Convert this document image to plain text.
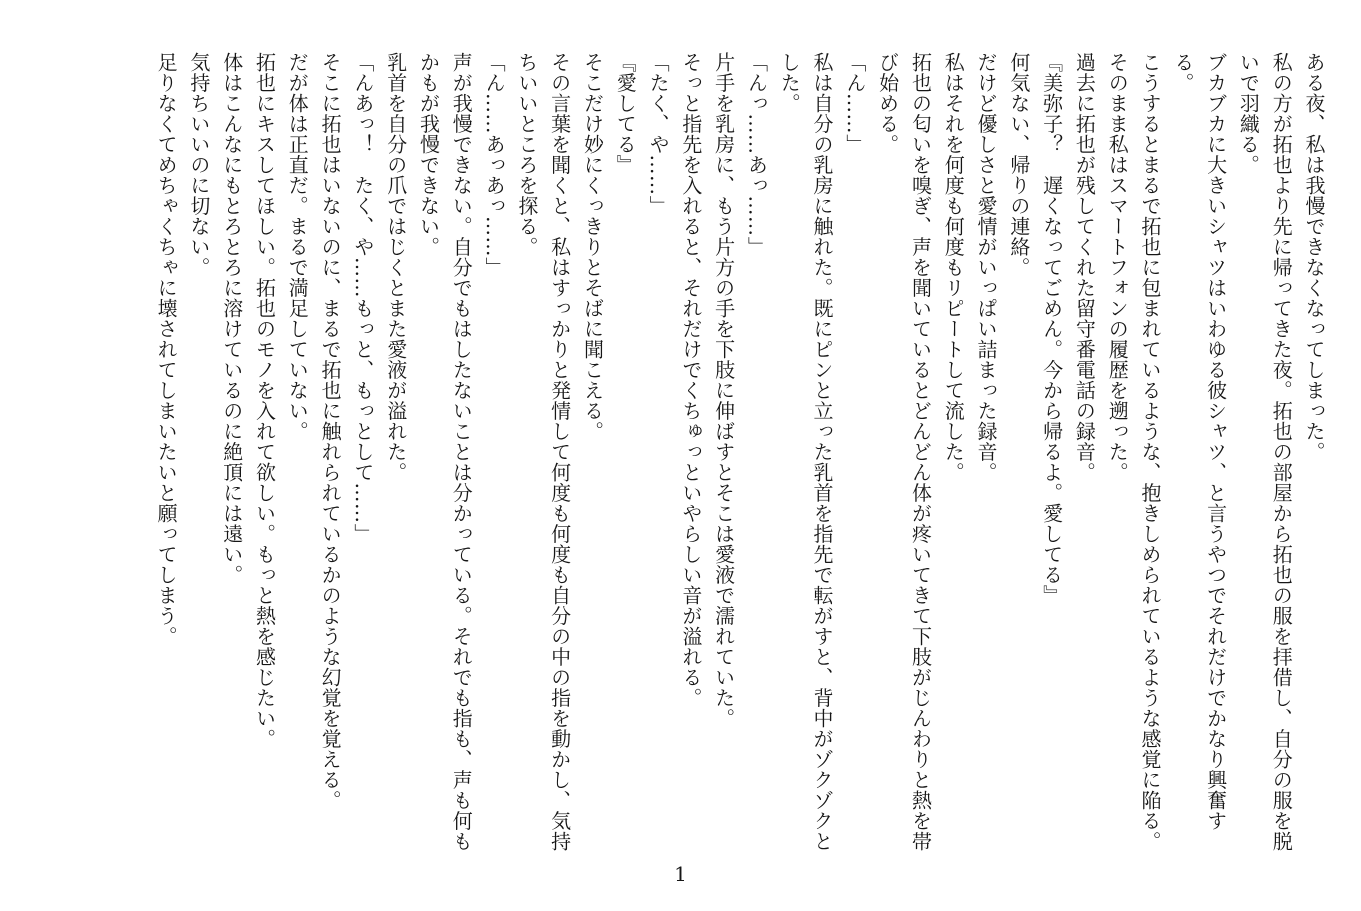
ある夜、私は我慢できなくなってしまった。

私の方が拓也より先に帰ってきた夜。拓也の部屋から拓也の服を拝借し、自分の服を脱

いで羽織る。

ブカブカに大きいシャツはいわゆる彼シャツ、と言うやつでそれだけでかなり興奮す

る。

こうするとまるで拓也に包まれているような、抱きしめられているような感覚に陥る。

そのまま私はスマートフォンの履歴を遡った。

過去に拓也が残してくれた留守番電話の録音。

『美弥子？　遅くなってごめん。今から帰るよ。愛してる』

何気ない、帰りの連絡。

だけど優しさと愛情がいっぱい詰まった録音。

私はそれを何度も何度もリピートして流した。

拓也の匂いを嗅ぎ、声を聞いているとどんどん体が疼いてきて下肢がじんわりと熱を帯

び始める。

「ん……」

私は自分の乳房に触れた。既にピンと立った乳首を指先で転がすと、背中がゾクゾクと

した。

「んっ……あっ……」

片手を乳房に、もう片方の手を下肢に伸ばすとそこは愛液で濡れていた。

そっと指先を入れると、それだけでくちゅっといやらしい音が溢れる。

「たく、や……」

『愛してる』

そこだけ妙にくっきりとそばに聞こえる。

その言葉を聞くと、私はすっかりと発情して何度も何度も自分の中の指を動かし、気持

ちいいところを探る。

「ん……あっあっ……」

声が我慢できない。自分でもはしたないことは分かっている。それでも指も、声も何も

かもが我慢できない。

乳首を自分の爪ではじくとまた愛液が溢れた。

「んあっ！　たく、や……もっと、もっとして……」

そこに拓也はいないのに、まるで拓也に触れられているかのような幻覚を覚える。

だが体は正直だ。まるで満足していない。

拓也にキスしてほしい。拓也のモノを入れて欲しい。もっと熱を感じたい。

体はこんなにもとろとろに溶けているのに絶頂には遠い。

気持ちいいのに切ない。

足りなくてめちゃくちゃに壊されてしまいたいと願ってしまう。

1
